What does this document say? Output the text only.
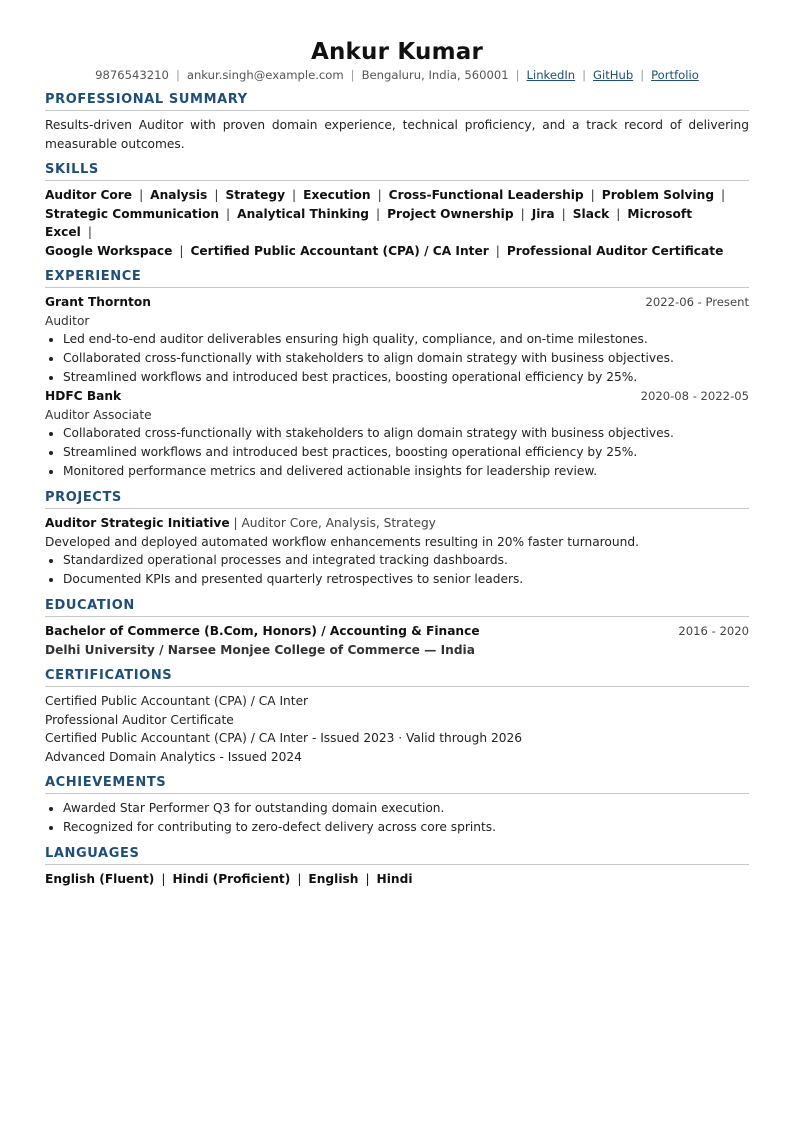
Ankur Kumar
9876543210 | ankur.singh@example.com | Bengaluru, India, 560001 | LinkedIn | GitHub | Portfolio
PROFESSIONAL SUMMARY

Results-driven Auditor with proven domain experience, technical proficiency, and a track record of delivering measurable outcomes.

SKILLS
Auditor Core | Analysis | Strategy | Execution | Cross-Functional Leadership | Problem Solving |
Strategic Communication | Analytical Thinking | Project Ownership | Jira | Slack | Microsoft Excel |
Google Workspace | Certified Public Accountant (CPA) / CA Inter | Professional Auditor Certificate
EXPERIENCE
Grant Thornton	2022-06 - Present
Auditor
• Led end-to-end auditor deliverables ensuring high quality, compliance, and on-time milestones.
• Collaborated cross-functionally with stakeholders to align domain strategy with business objectives.
• Streamlined workflows and introduced best practices, boosting operational efficiency by 25%.
HDFC Bank	2020-08 - 2022-05
Auditor Associate
• Collaborated cross-functionally with stakeholders to align domain strategy with business objectives.
• Streamlined workflows and introduced best practices, boosting operational efficiency by 25%.
• Monitored performance metrics and delivered actionable insights for leadership review.
PROJECTS
Auditor Strategic Initiative | Auditor Core, Analysis, Strategy
Developed and deployed automated workflow enhancements resulting in 20% faster turnaround.
• Standardized operational processes and integrated tracking dashboards.
• Documented KPIs and presented quarterly retrospectives to senior leaders.
EDUCATION
Bachelor of Commerce (B.Com, Honors) / Accounting & Finance	2016 - 2020
Delhi University / Narsee Monjee College of Commerce — India
CERTIFICATIONS
Certified Public Accountant (CPA) / CA Inter
Professional Auditor Certificate
Certified Public Accountant (CPA) / CA Inter - Issued 2023 · Valid through 2026
Advanced Domain Analytics - Issued 2024
ACHIEVEMENTS
• Awarded Star Performer Q3 for outstanding domain execution.
• Recognized for contributing to zero-defect delivery across core sprints.
LANGUAGES
English (Fluent) | Hindi (Proficient) | English | Hindi
